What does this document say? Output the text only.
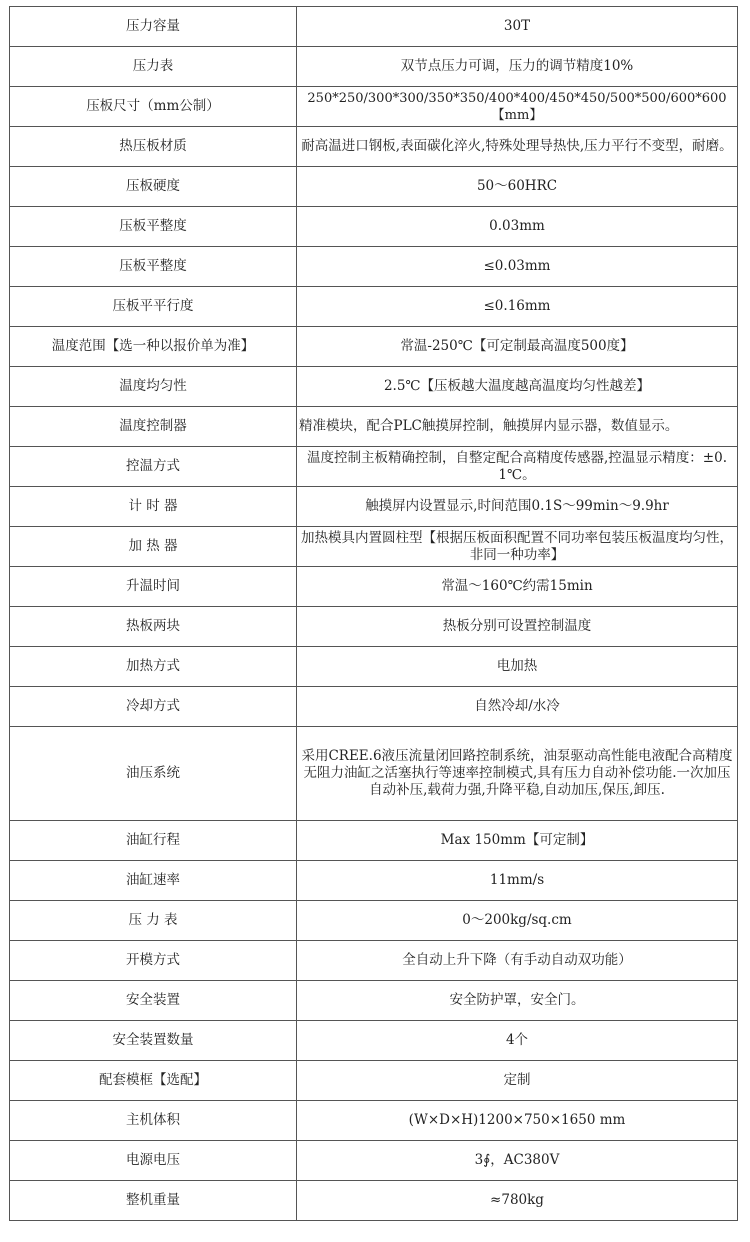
压力容量	30T
压力表	双节点压力可调，压力的调节精度10%
压板尺寸（mm公制）	250*250/300*300/350*350/400*400/450*450/500*500/600*600【mm】
热压板材质	耐高温进口钢板,表面碳化淬火,特殊处理导热快,压力平行不变型，耐磨。
压板硬度	50～60HRC
压板平整度	0.03mm
压板平整度	≤0.03mm
压板平平行度	≤0.16mm
温度范围【选一种以报价单为准】	常温-250℃【可定制最高温度500度】
温度均匀性	2.5℃【压板越大温度越高温度均匀性越差】
温度控制器	精准模块，配合PLC触摸屏控制，触摸屏内显示器，数值显示。
控温方式	温度控制主板精确控制，自整定配合高精度传感器,控温显示精度：±0.1℃。
计 时 器	触摸屏内设置显示,时间范围0.1S～99min～9.9hr
加 热 器	加热模具内置圆柱型【根据压板面积配置不同功率包装压板温度均匀性，非同一种功率】
升温时间	常温～160℃约需15min
热板两块	热板分别可设置控制温度
加热方式	电加热
冷却方式	自然冷却/水冷
油压系统	采用CREE.6液压流量闭回路控制系统，油泵驱动高性能电液配合高精度无阻力油缸之活塞执行等速率控制模式,具有压力自动补偿功能.一次加压自动补压,载荷力强,升降平稳,自动加压,保压,卸压.
油缸行程	Max 150mm【可定制】
油缸速率	11mm/s
压 力 表	0～200kg/sq.cm
开模方式	全自动上升下降（有手动自动双功能）
安全装置	安全防护罩，安全门。
安全装置数量	4个
配套模框【选配】	定制
主机体积	(W×D×H)1200×750×1650 mm
电源电压	3∮，AC380V
整机重量	≈780kg
